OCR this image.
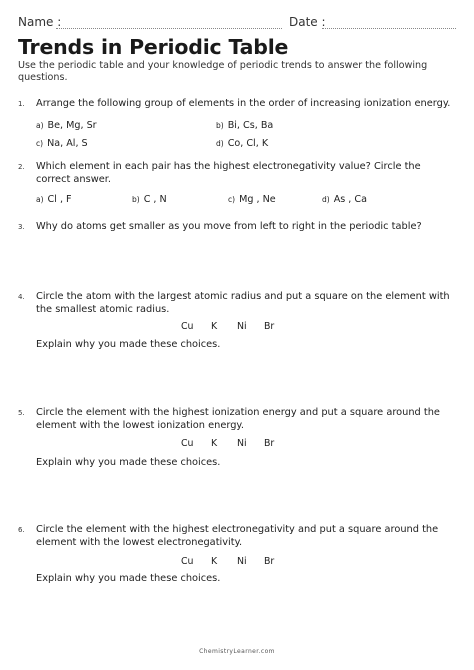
Name :	Date :
Trends in Periodic Table
Use the periodic table and your knowledge of periodic trends to answer the following questions.
1. Arrange the following group of elements in the order of increasing ionization energy.
a) Be, Mg, Sr	b) Bi, Cs, Ba
c) Na, Al, S	d) Co, Cl, K
2. Which element in each pair has the highest electronegativity value? Circle the correct answer.
a) Cl , F	b) C , N	c) Mg , Ne	d) As , Ca
3. Why do atoms get smaller as you move from left to right in the periodic table?
4. Circle the atom with the largest atomic radius and put a square on the element with the smallest atomic radius.
Cu K Ni Br
Explain why you made these choices.
5. Circle the element with the highest ionization energy and put a square around the element with the lowest ionization energy.
Cu K Ni Br
Explain why you made these choices.
6. Circle the element with the highest electronegativity and put a square around the element with the lowest electronegativity.
Cu K Ni Br
Explain why you made these choices.
ChemistryLearner.com
